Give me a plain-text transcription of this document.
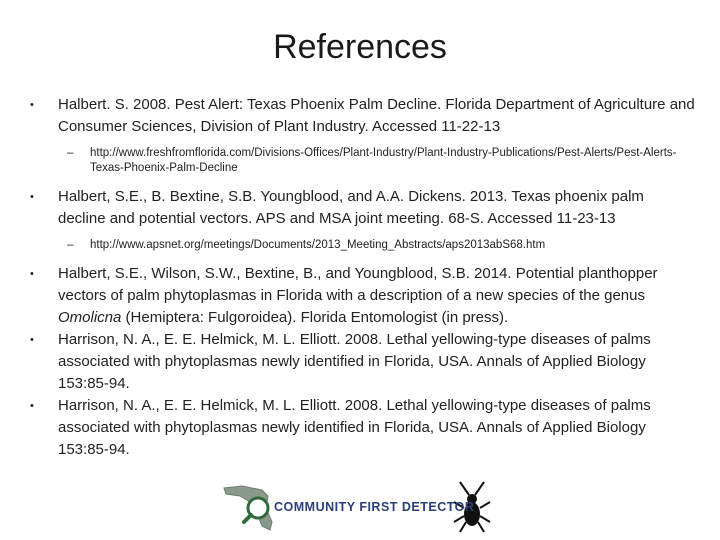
References
• Halbert. S. 2008. Pest Alert: Texas Phoenix Palm Decline. Florida Department of Agriculture and Consumer Sciences, Division of Plant Industry. Accessed 11-22-13
– http://www.freshfromflorida.com/Divisions-Offices/Plant-Industry/Plant-Industry-Publications/Pest-Alerts/Pest-Alerts-Texas-Phoenix-Palm-Decline
• Halbert, S.E., B. Bextine, S.B. Youngblood, and A.A. Dickens. 2013. Texas phoenix palm decline and potential vectors. APS and MSA joint meeting. 68-S. Accessed 11-23-13
– http://www.apsnet.org/meetings/Documents/2013_Meeting_Abstracts/aps2013abS68.htm
• Halbert, S.E., Wilson, S.W., Bextine, B., and Youngblood, S.B. 2014. Potential planthopper vectors of palm phytoplasmas in Florida with a description of a new species of the genus Omolicna (Hemiptera: Fulgoroidea). Florida Entomologist (in press).
• Harrison, N. A., E. E. Helmick, M. L. Elliott. 2008. Lethal yellowing-type diseases of palms associated with phytoplasmas newly identified in Florida, USA. Annals of Applied Biology 153:85-94.
• Harrison, N. A., E. E. Helmick, M. L. Elliott. 2008. Lethal yellowing-type diseases of palms associated with phytoplasmas newly identified in Florida, USA. Annals of Applied Biology 153:85-94.
COMMUNITY FIRST DETECTOR
